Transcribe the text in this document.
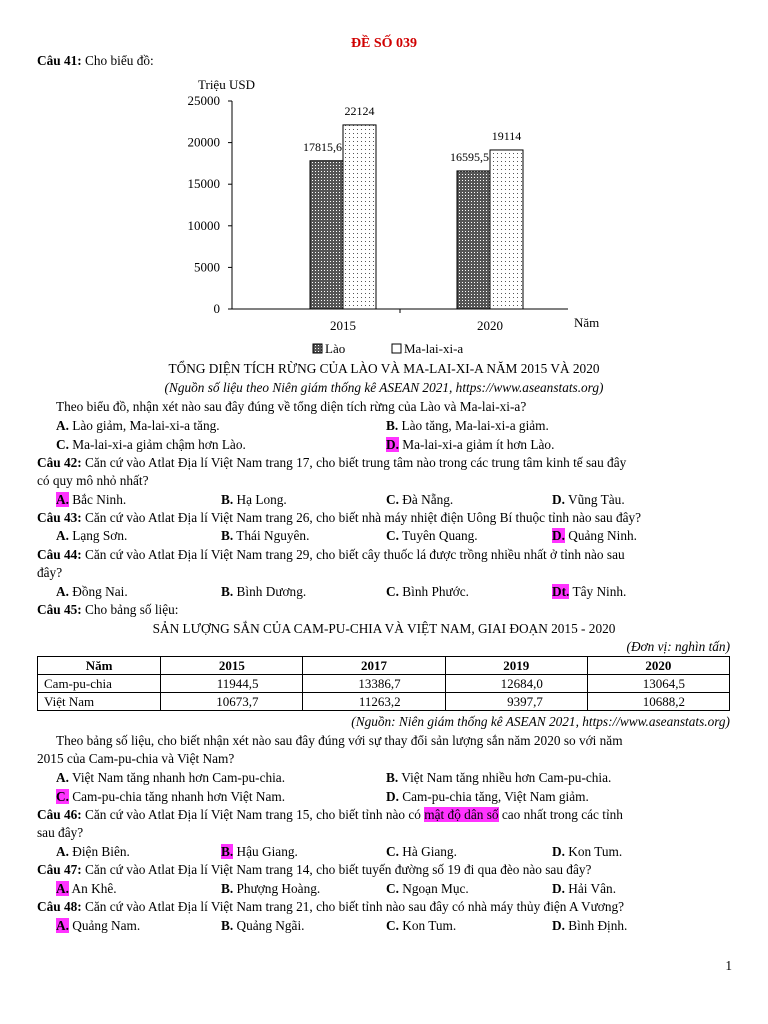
ĐỀ SỐ 039
Câu 41: Cho biểu đồ:
0
5000
10000
15000
20000
25000
Triệu USD
Năm
2015
17815,6
22124
2020
16595,5
19114
Lào	Ma-lai-xi-a
TỔNG DIỆN TÍCH RỪNG CỦA LÀO VÀ MA-LAI-XI-A NĂM 2015 VÀ 2020
(Nguồn số liệu theo Niên giám thống kê ASEAN 2021, https://www.aseanstats.org)
Theo biểu đồ, nhận xét nào sau đây đúng về tổng diện tích rừng của Lào và Ma-lai-xi-a?
A. Lào giảm, Ma-lai-xi-a tăng.	B. Lào tăng, Ma-lai-xi-a giảm.
C. Ma-lai-xi-a giảm chậm hơn Lào.	D. Ma-lai-xi-a giảm ít hơn Lào.
Câu 42: Căn cứ vào Atlat Địa lí Việt Nam trang 17, cho biết trung tâm nào trong các trung tâm kinh tế sau đây
có quy mô nhỏ nhất?
A. Bắc Ninh.	B. Hạ Long.	C. Đà Nẵng.	D. Vũng Tàu.
Câu 43: Căn cứ vào Atlat Địa lí Việt Nam trang 26, cho biết nhà máy nhiệt điện Uông Bí thuộc tỉnh nào sau đây?
A. Lạng Sơn.	B. Thái Nguyên.	C. Tuyên Quang.	D. Quảng Ninh.
Câu 44: Căn cứ vào Atlat Địa lí Việt Nam trang 29, cho biết cây thuốc lá được trồng nhiều nhất ở tỉnh nào sau
đây?
A. Đồng Nai.	B. Bình Dương.	C. Bình Phước.	Dt. Tây Ninh.
Câu 45: Cho bảng số liệu:
SẢN LƯỢNG SẮN CỦA CAM-PU-CHIA VÀ VIỆT NAM, GIAI ĐOẠN 2015 - 2020
(Đơn vị: nghìn tấn)
Năm	2015	2017	2019	2020
Cam-pu-chia	11944,5	13386,7	12684,0	13064,5
Việt Nam	10673,7	11263,2	9397,7	10688,2
(Nguồn: Niên giám thống kê ASEAN 2021, https://www.aseanstats.org)
Theo bảng số liệu, cho biết nhận xét nào sau đây đúng với sự thay đổi sản lượng sắn năm 2020 so với năm
2015 của Cam-pu-chia và Việt Nam?
A. Việt Nam tăng nhanh hơn Cam-pu-chia.	B. Việt Nam tăng nhiều hơn Cam-pu-chia.
C. Cam-pu-chia tăng nhanh hơn Việt Nam.	D. Cam-pu-chia tăng, Việt Nam giảm.
Câu 46: Căn cứ vào Atlat Địa lí Việt Nam trang 15, cho biết tỉnh nào có mật độ dân số cao nhất trong các tỉnh
sau đây?
A. Điện Biên.	B. Hậu Giang.	C. Hà Giang.	D. Kon Tum.
Câu 47: Căn cứ vào Atlat Địa lí Việt Nam trang 14, cho biết tuyến đường số 19 đi qua đèo nào sau đây?
A. An Khê.	B. Phượng Hoàng.	C. Ngoạn Mục.	D. Hải Vân.
Câu 48: Căn cứ vào Atlat Địa lí Việt Nam trang 21, cho biết tỉnh nào sau đây có nhà máy thủy điện A Vương?
A. Quảng Nam.	B. Quảng Ngãi.	C. Kon Tum.	D. Bình Định.
1
